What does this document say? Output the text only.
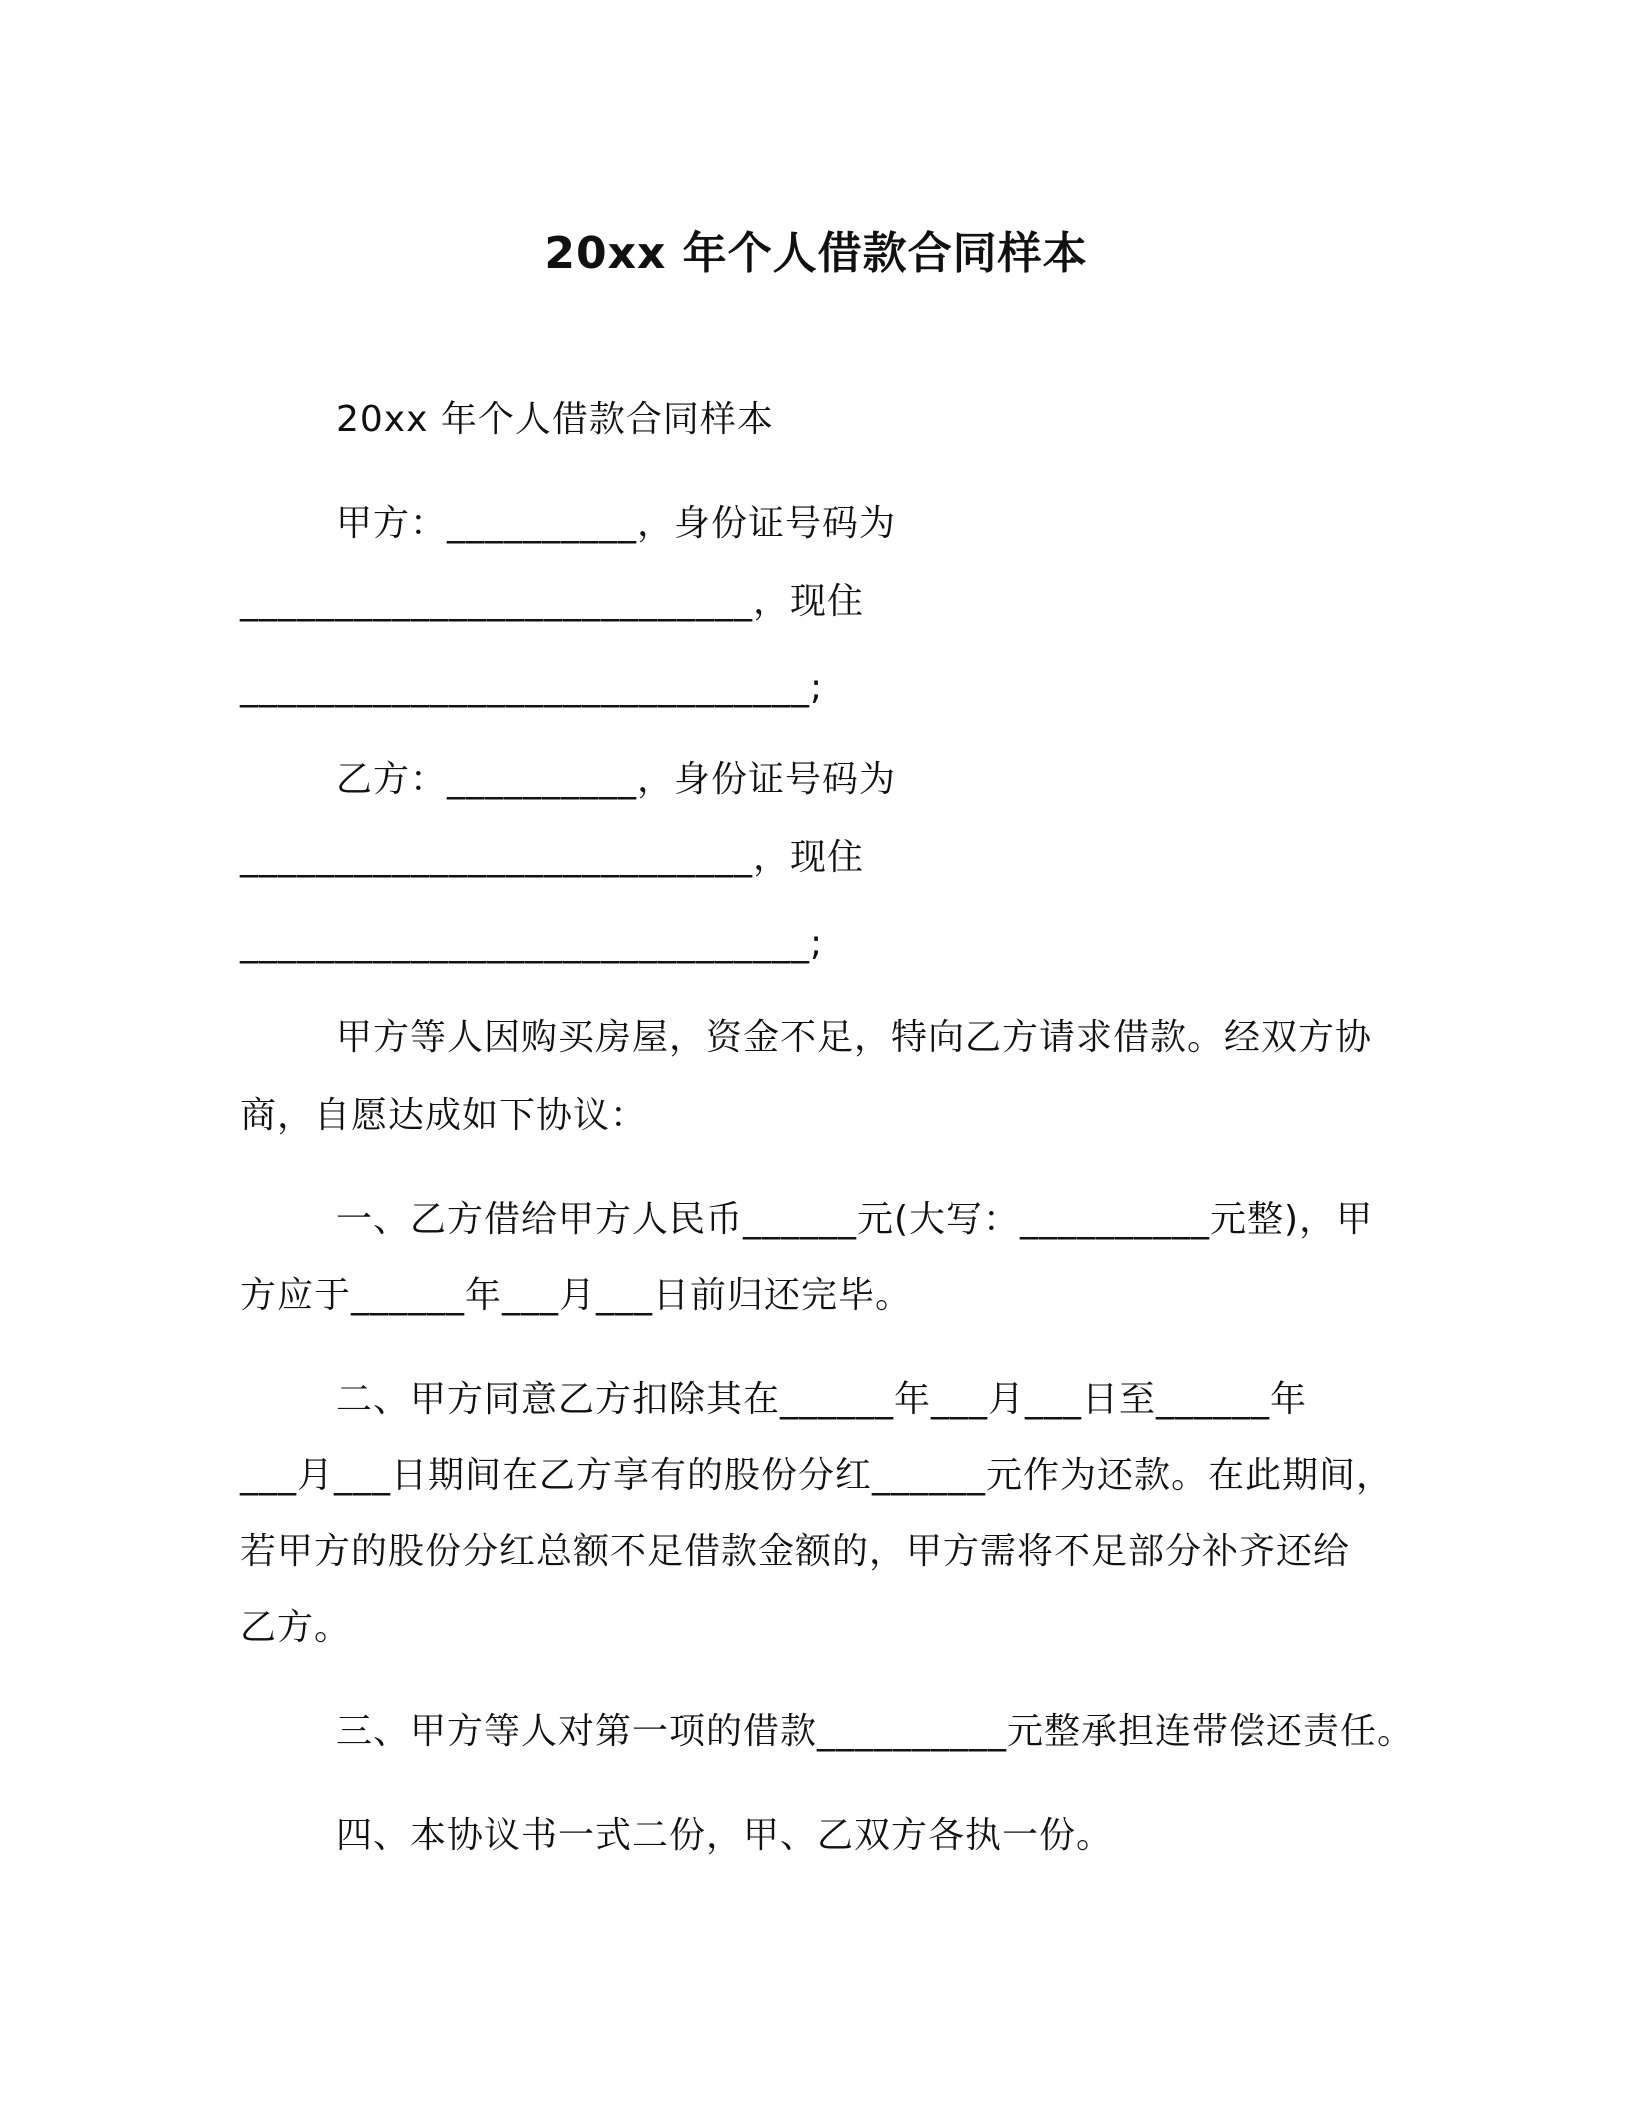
20xx 年个人借款合同样本
20xx 年个人借款合同样本
甲方：__________，身份证号码为
___________________________，现住
______________________________;
乙方：__________，身份证号码为
___________________________，现住
______________________________;
甲方等人因购买房屋，资金不足，特向乙方请求借款。经双方协
商，自愿达成如下协议：
一、乙方借给甲方人民币______元(大写：__________元整)，甲
方应于______年___月___日前归还完毕。
二、甲方同意乙方扣除其在______年___月___日至______年
___月___日期间在乙方享有的股份分红______元作为还款。在此期间，
若甲方的股份分红总额不足借款金额的，甲方需将不足部分补齐还给
乙方。
三、甲方等人对第一项的借款__________元整承担连带偿还责任。
四、本协议书一式二份，甲、乙双方各执一份。
